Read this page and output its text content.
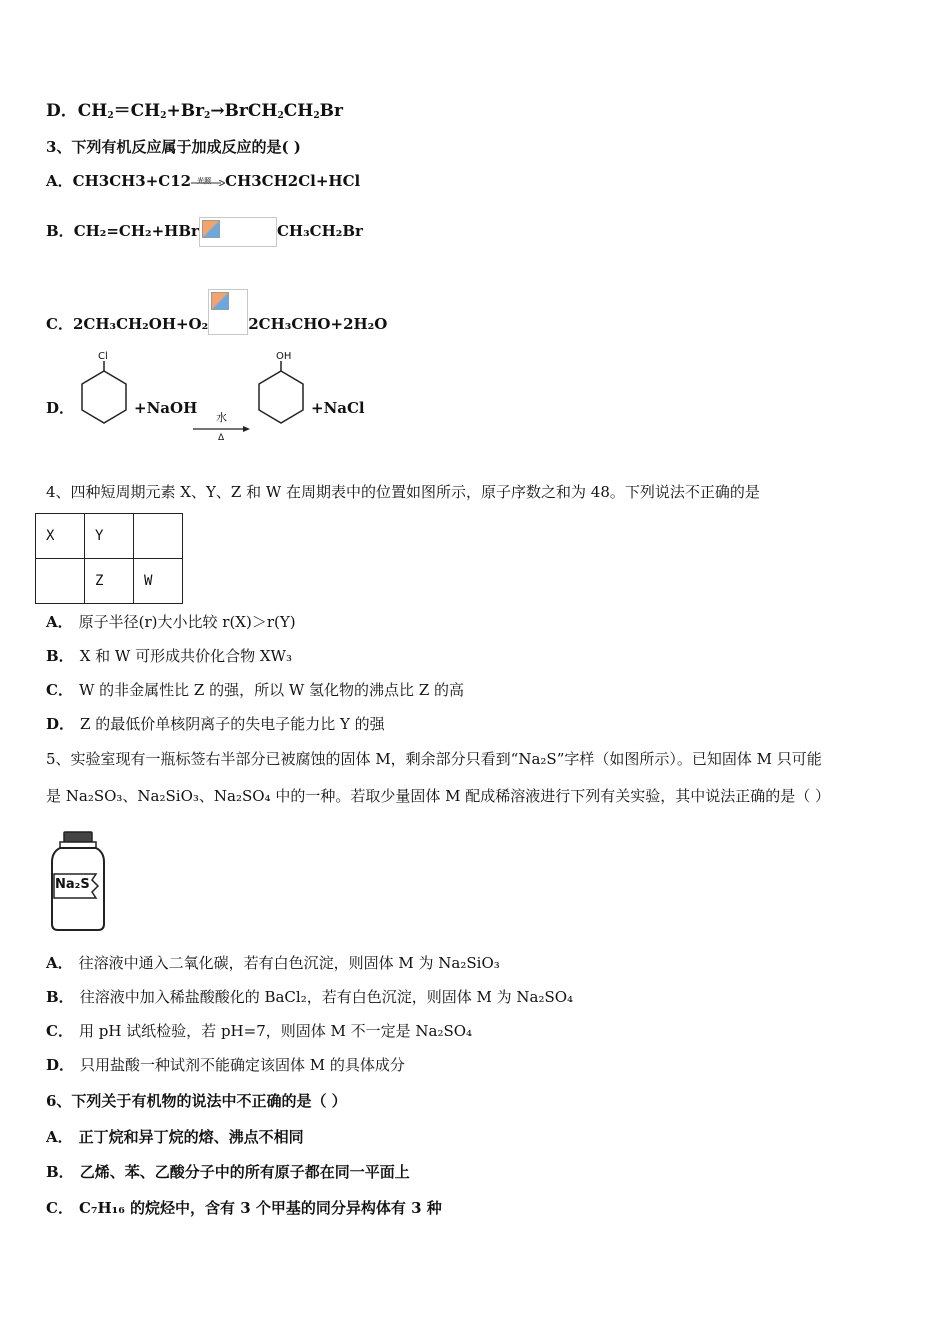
D．$CH_2=CH_2+Br_2\to BrCH_2CH_2Br$
3、下列有机反应属于加成反应的是( )
A．CH3CH3+C12 光照 CH3CH2Cl+HCl
B．CH₂=CH₂+HBr	CH₃CH₂Br
C．2CH₃CH₂OH+O₂	2CH₃CHO+2H₂O
D．
Cl
+NaOH
水
Δ
OH
+NaCl
4、四种短周期元素 X、Y、Z 和 W 在周期表中的位置如图所示，原子序数之和为 48。下列说法不正确的是
X	Y	
	Z	W
A． 原子半径(r)大小比较 r(X)＞r(Y)
B． X 和 W 可形成共价化合物 XW₃
C． W 的非金属性比 Z 的强，所以 W 氢化物的沸点比 Z 的高
D． Z 的最低价单核阴离子的失电子能力比 Y 的强
5、实验室现有一瓶标签右半部分已被腐蚀的固体 M，剩余部分只看到“Na₂S”字样（如图所示）。已知固体 M 只可能
是 Na₂SO₃、Na₂SiO₃、Na₂SO₄ 中的一种。若取少量固体 M 配成稀溶液进行下列有关实验，其中说法正确的是（ ）
Na₂S
A． 往溶液中通入二氧化碳，若有白色沉淀，则固体 M 为 Na₂SiO₃
B． 往溶液中加入稀盐酸酸化的 BaCl₂，若有白色沉淀，则固体 M 为 Na₂SO₄
C． 用 pH 试纸检验，若 pH=7，则固体 M 不一定是 Na₂SO₄
D． 只用盐酸一种试剂不能确定该固体 M 的具体成分
6、下列关于有机物的说法中不正确的是（ ）
A． 正丁烷和异丁烷的熔、沸点不相同
B． 乙烯、苯、乙酸分子中的所有原子都在同一平面上
C． C₇H₁₆ 的烷烃中，含有 3 个甲基的同分异构体有 3 种
